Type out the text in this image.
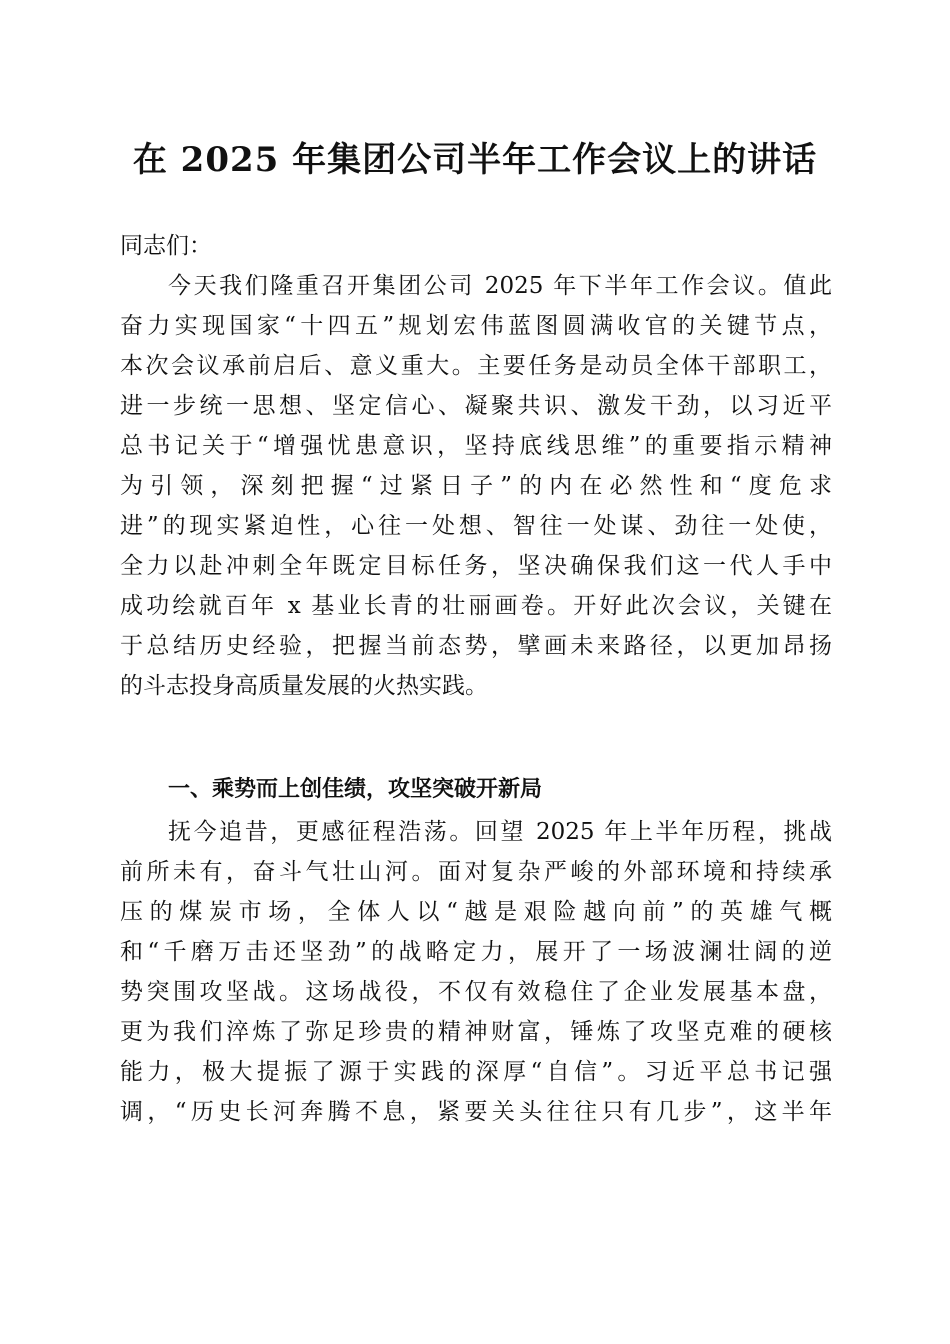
在 2025 年集团公司半年工作会议上的讲话
同志们：
今天我们隆重召开集团公司 2025 年下半年工作会议。值此
奋力实现国家“十四五”规划宏伟蓝图圆满收官的关键节点，
本次会议承前启后、意义重大。主要任务是动员全体干部职工，
进一步统一思想、坚定信心、凝聚共识、激发干劲，以习近平
总书记关于“增强忧患意识，坚持底线思维”的重要指示精神
为引领，深刻把握“过紧日子”的内在必然性和“度危求
进”的现实紧迫性，心往一处想、智往一处谋、劲往一处使，
全力以赴冲刺全年既定目标任务，坚决确保我们这一代人手中
成功绘就百年 x 基业长青的壮丽画卷。开好此次会议，关键在
于总结历史经验，把握当前态势，擘画未来路径，以更加昂扬
的斗志投身高质量发展的火热实践。
一、乘势而上创佳绩，攻坚突破开新局
抚今追昔，更感征程浩荡。回望 2025 年上半年历程，挑战
前所未有，奋斗气壮山河。面对复杂严峻的外部环境和持续承
压的煤炭市场，全体人以“越是艰险越向前”的英雄气概
和“千磨万击还坚劲”的战略定力，展开了一场波澜壮阔的逆
势突围攻坚战。这场战役，不仅有效稳住了企业发展基本盘，
更为我们淬炼了弥足珍贵的精神财富，锤炼了攻坚克难的硬核
能力，极大提振了源于实践的深厚“自信”。习近平总书记强
调，“历史长河奔腾不息，紧要关头往往只有几步”，这半年
